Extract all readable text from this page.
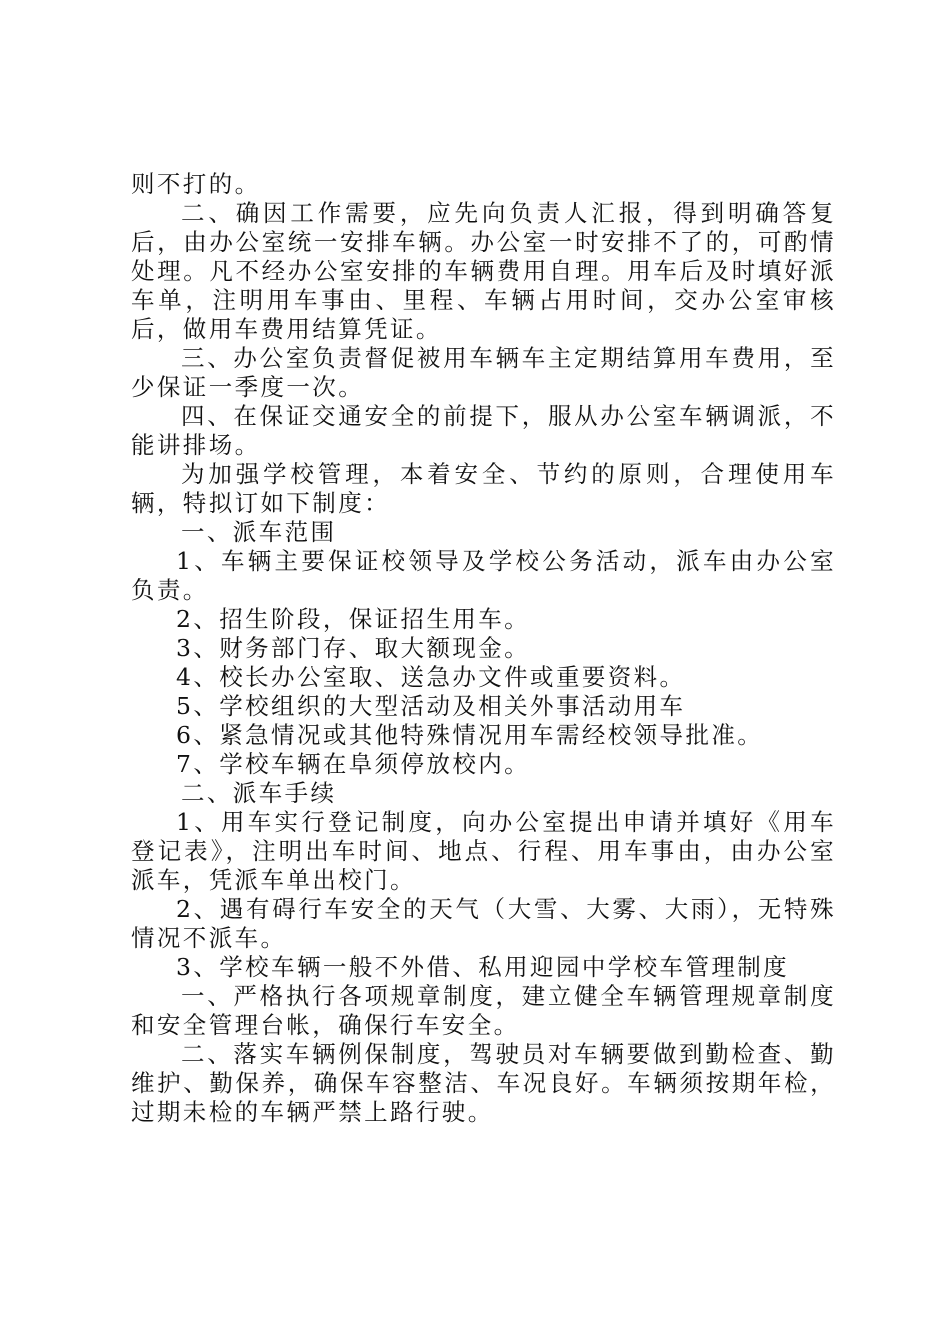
则不打的。

二、确因工作需要，应先向负责人汇报，得到明确答复后，由办公室统一安排车辆。办公室一时安排不了的，可酌情处理。凡不经办公室安排的车辆费用自理。用车后及时填好派车单，注明用车事由、里程、车辆占用时间，交办公室审核后，做用车费用结算凭证。

三、办公室负责督促被用车辆车主定期结算用车费用，至少保证一季度一次。

四、在保证交通安全的前提下，服从办公室车辆调派，不能讲排场。

为加强学校管理，本着安全、节约的原则，合理使用车辆，特拟订如下制度：

一、派车范围

1、车辆主要保证校领导及学校公务活动，派车由办公室负责。

2、招生阶段，保证招生用车。

3、财务部门存、取大额现金。

4、校长办公室取、送急办文件或重要资料。

5、学校组织的大型活动及相关外事活动用车

6、紧急情况或其他特殊情况用车需经校领导批准。

7、学校车辆在阜须停放校内。

二、派车手续

1、用车实行登记制度，向办公室提出申请并填好《用车登记表》，注明出车时间、地点、行程、用车事由，由办公室派车，凭派车单出校门。

2、遇有碍行车安全的天气（大雪、大雾、大雨），无特殊情况不派车。

3、学校车辆一般不外借、私用迎园中学校车管理制度

一、严格执行各项规章制度，建立健全车辆管理规章制度和安全管理台帐，确保行车安全。

二、落实车辆例保制度，驾驶员对车辆要做到勤检查、勤维护、勤保养，确保车容整洁、车况良好。车辆须按期年检，过期未检的车辆严禁上路行驶。
